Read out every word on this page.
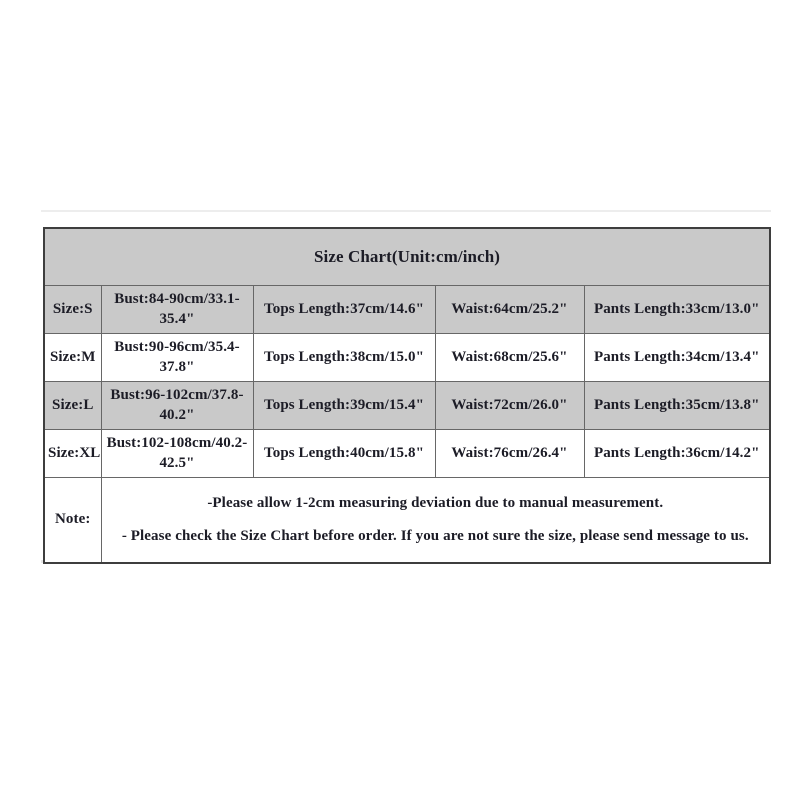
Size Chart(Unit:cm/inch)				
Size:S	Bust:84-90cm/33.1-35.4"	Tops Length:37cm/14.6"	Waist:64cm/25.2"	Pants Length:33cm/13.0"
Size:M	Bust:90-96cm/35.4-37.8"	Tops Length:38cm/15.0"	Waist:68cm/25.6"	Pants Length:34cm/13.4"
Size:L	Bust:96-102cm/37.8-40.2"	Tops Length:39cm/15.4"	Waist:72cm/26.0"	Pants Length:35cm/13.8"
Size:XL	Bust:102-108cm/40.2-42.5"	Tops Length:40cm/15.8"	Waist:76cm/26.4"	Pants Length:36cm/14.2"
Note:	-Please allow 1-2cm measuring deviation due to manual measurement.
- Please check the Size Chart before order. If you are not sure the size, please send message to us.			
